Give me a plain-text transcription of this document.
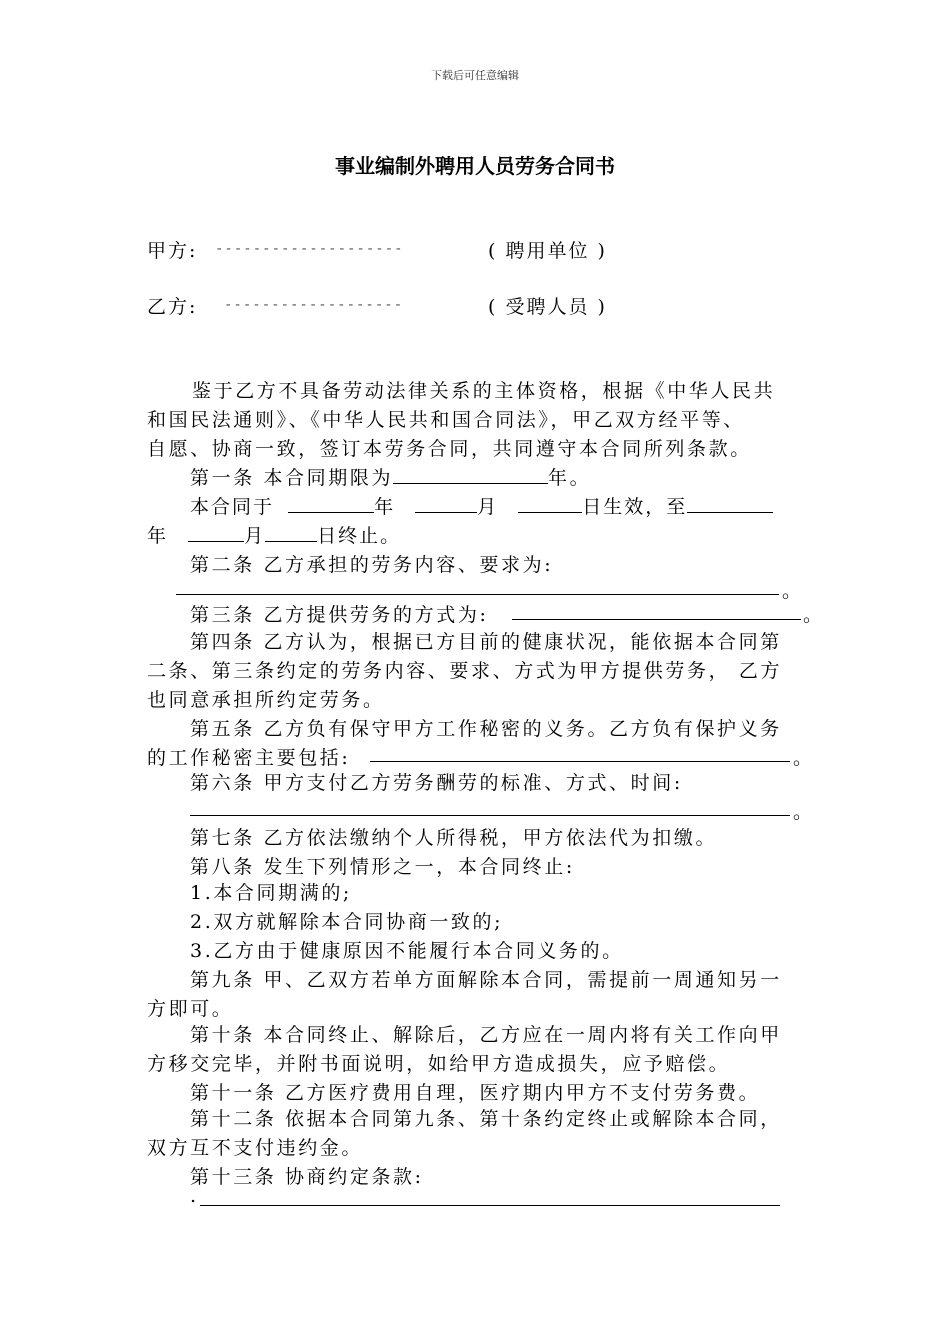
下载后可任意编辑
事业编制外聘用人员劳务合同书
甲方: --------------------	( 聘用单位 )
乙方: -------------------	( 受聘人员 )
鉴于乙方不具备劳动法律关系的主体资格，根据《中华人民共
和国民法通则》、《中华人民共和国合同法》，甲乙双方经平等、
自愿、协商一致，签订本劳务合同，共同遵守本合同所列条款。
第一条 本合同期限为	年。
本合同于	年	月	日生效，至
年	月	日终止。
第二条 乙方承担的劳务内容、要求为:
。
第三条 乙方提供劳务的方式为:	。
第四条 乙方认为，根据已方目前的健康状况，能依据本合同第
二条、第三条约定的劳务内容、要求、方式为甲方提供劳务， 乙方
也同意承担所约定劳务。
第五条 乙方负有保守甲方工作秘密的义务。乙方负有保护义务
的工作秘密主要包括:	。
第六条 甲方支付乙方劳务酬劳的标准、方式、时间:
。
第七条 乙方依法缴纳个人所得税，甲方依法代为扣缴。
第八条 发生下列情形之一，本合同终止:
1.本合同期满的;
2.双方就解除本合同协商一致的;
3.乙方由于健康原因不能履行本合同义务的。
第九条 甲、乙双方若单方面解除本合同，需提前一周通知另一
方即可。
第十条 本合同终止、解除后，乙方应在一周内将有关工作向甲
方移交完毕，并附书面说明，如给甲方造成损失，应予赔偿。
第十一条 乙方医疗费用自理，医疗期内甲方不支付劳务费。
第十二条 依据本合同第九条、第十条约定终止或解除本合同，
双方互不支付违约金。
第十三条 协商约定条款:
.
